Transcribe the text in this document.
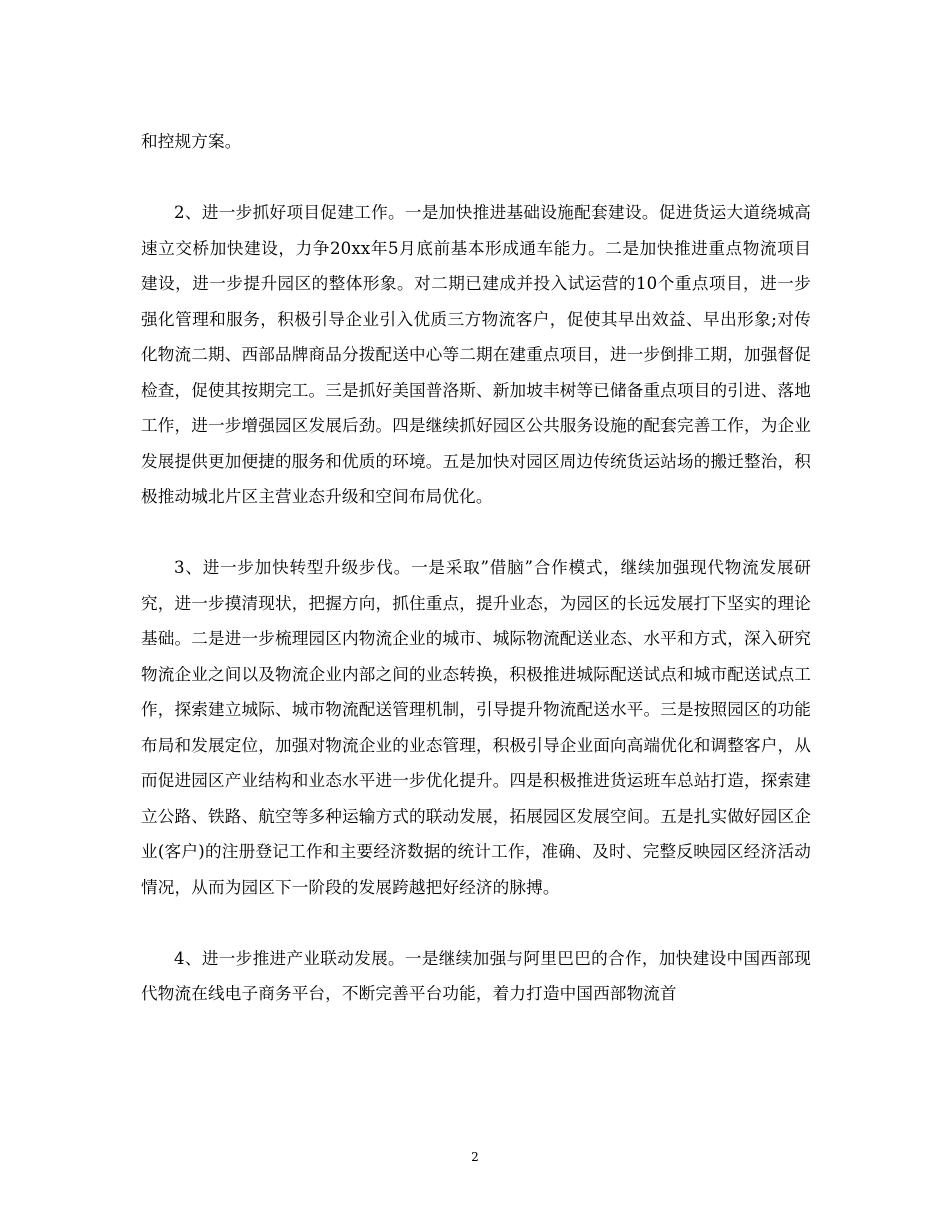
和控规方案。

2、进一步抓好项目促建工作。一是加快推进基础设施配套建设。促进货运大道绕城高速立交桥加快建设，力争20xx年5月底前基本形成通车能力。二是加快推进重点物流项目建设，进一步提升园区的整体形象。对二期已建成并投入试运营的10个重点项目，进一步强化管理和服务，积极引导企业引入优质三方物流客户，促使其早出效益、早出形象;对传化物流二期、西部品牌商品分拨配送中心等二期在建重点项目，进一步倒排工期，加强督促检查，促使其按期完工。三是抓好美国普洛斯、新加坡丰树等已储备重点项目的引进、落地工作，进一步增强园区发展后劲。四是继续抓好园区公共服务设施的配套完善工作，为企业发展提供更加便捷的服务和优质的环境。五是加快对园区周边传统货运站场的搬迁整治，积极推动城北片区主营业态升级和空间布局优化。

3、进一步加快转型升级步伐。一是采取”借脑”合作模式，继续加强现代物流发展研究，进一步摸清现状，把握方向，抓住重点，提升业态，为园区的长远发展打下坚实的理论基础。二是进一步梳理园区内物流企业的城市、城际物流配送业态、水平和方式，深入研究物流企业之间以及物流企业内部之间的业态转换，积极推进城际配送试点和城市配送试点工作，探索建立城际、城市物流配送管理机制，引导提升物流配送水平。三是按照园区的功能布局和发展定位，加强对物流企业的业态管理，积极引导企业面向高端优化和调整客户，从而促进园区产业结构和业态水平进一步优化提升。四是积极推进货运班车总站打造，探索建立公路、铁路、航空等多种运输方式的联动发展，拓展园区发展空间。五是扎实做好园区企业(客户)的注册登记工作和主要经济数据的统计工作，准确、及时、完整反映园区经济活动情况，从而为园区下一阶段的发展跨越把好经济的脉搏。

4、进一步推进产业联动发展。一是继续加强与阿里巴巴的合作，加快建设中国西部现代物流在线电子商务平台，不断完善平台功能，着力打造中国西部物流首

2
